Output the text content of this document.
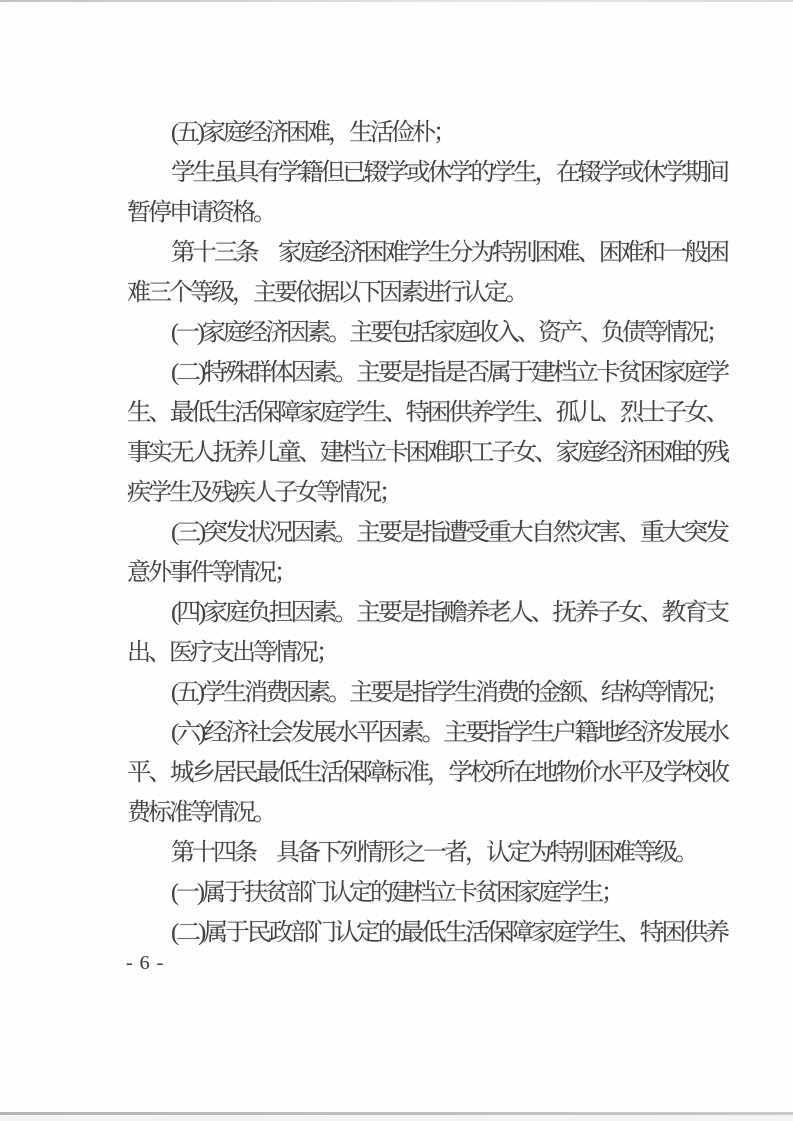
(五)家庭经济困难，生活俭朴；
学生虽具有学籍但已辍学或休学的学生，在辍学或休学期间
暂停申请资格。
第十三条　家庭经济困难学生分为特别困难、困难和一般困
难三个等级，主要依据以下因素进行认定。
(一)家庭经济因素。主要包括家庭收入、资产、负债等情况；
(二)特殊群体因素。主要是指是否属于建档立卡贫困家庭学
生、最低生活保障家庭学生、特困供养学生、孤儿、烈士子女、
事实无人抚养儿童、建档立卡困难职工子女、家庭经济困难的残
疾学生及残疾人子女等情况；
(三)突发状况因素。主要是指遭受重大自然灾害、重大突发
意外事件等情况；
(四)家庭负担因素。主要是指赡养老人、抚养子女、教育支
出、医疗支出等情况；
(五)学生消费因素。主要是指学生消费的金额、结构等情况；
(六)经济社会发展水平因素。主要指学生户籍地经济发展水
平、城乡居民最低生活保障标准，学校所在地物价水平及学校收
费标准等情况。
第十四条　具备下列情形之一者，认定为特别困难等级。
(一)属于扶贫部门认定的建档立卡贫困家庭学生；
(二)属于民政部门认定的最低生活保障家庭学生、特困供养
- 6 -
